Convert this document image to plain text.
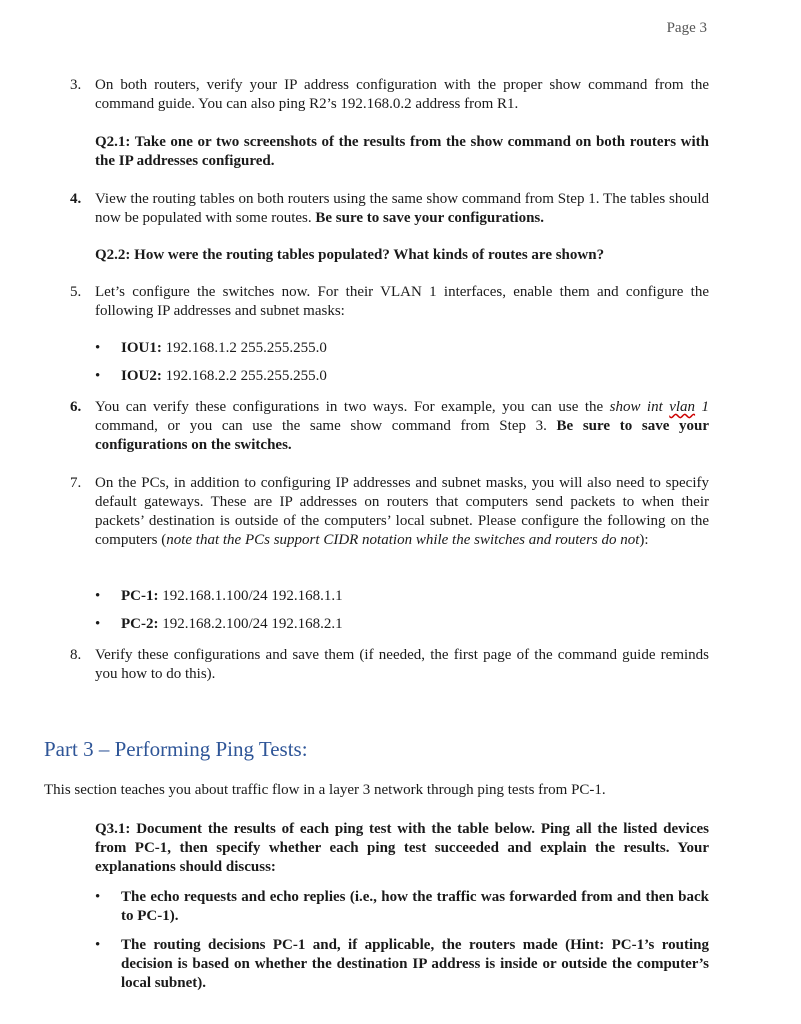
Page 3
3. On both routers, verify your IP address configuration with the proper show command from the command guide. You can also ping R2’s 192.168.0.2 address from R1.
Q2.1: Take one or two screenshots of the results from the show command on both routers with the IP addresses configured.
4. View the routing tables on both routers using the same show command from Step 1. The tables should now be populated with some routes. Be sure to save your configurations.
Q2.2: How were the routing tables populated? What kinds of routes are shown?
5. Let’s configure the switches now. For their VLAN 1 interfaces, enable them and configure the following IP addresses and subnet masks:
• IOU1: 192.168.1.2 255.255.255.0
• IOU2: 192.168.2.2 255.255.255.0
6. You can verify these configurations in two ways. For example, you can use the show int vlan 1 command, or you can use the same show command from Step 3. Be sure to save your configurations on the switches.
7. On the PCs, in addition to configuring IP addresses and subnet masks, you will also need to specify default gateways. These are IP addresses on routers that computers send packets to when their packets’ destination is outside of the computers’ local subnet. Please configure the following on the computers (note that the PCs support CIDR notation while the switches and routers do not):
• PC-1: 192.168.1.100/24 192.168.1.1
• PC-2: 192.168.2.100/24 192.168.2.1
8. Verify these configurations and save them (if needed, the first page of the command guide reminds you how to do this).
Part 3 – Performing Ping Tests:
This section teaches you about traffic flow in a layer 3 network through ping tests from PC-1.
Q3.1: Document the results of each ping test with the table below. Ping all the listed devices from PC-1, then specify whether each ping test succeeded and explain the results. Your explanations should discuss:
• The echo requests and echo replies (i.e., how the traffic was forwarded from and then back to PC-1).
• The routing decisions PC-1 and, if applicable, the routers made (Hint: PC-1’s routing decision is based on whether the destination IP address is inside or outside the computer’s local subnet).
